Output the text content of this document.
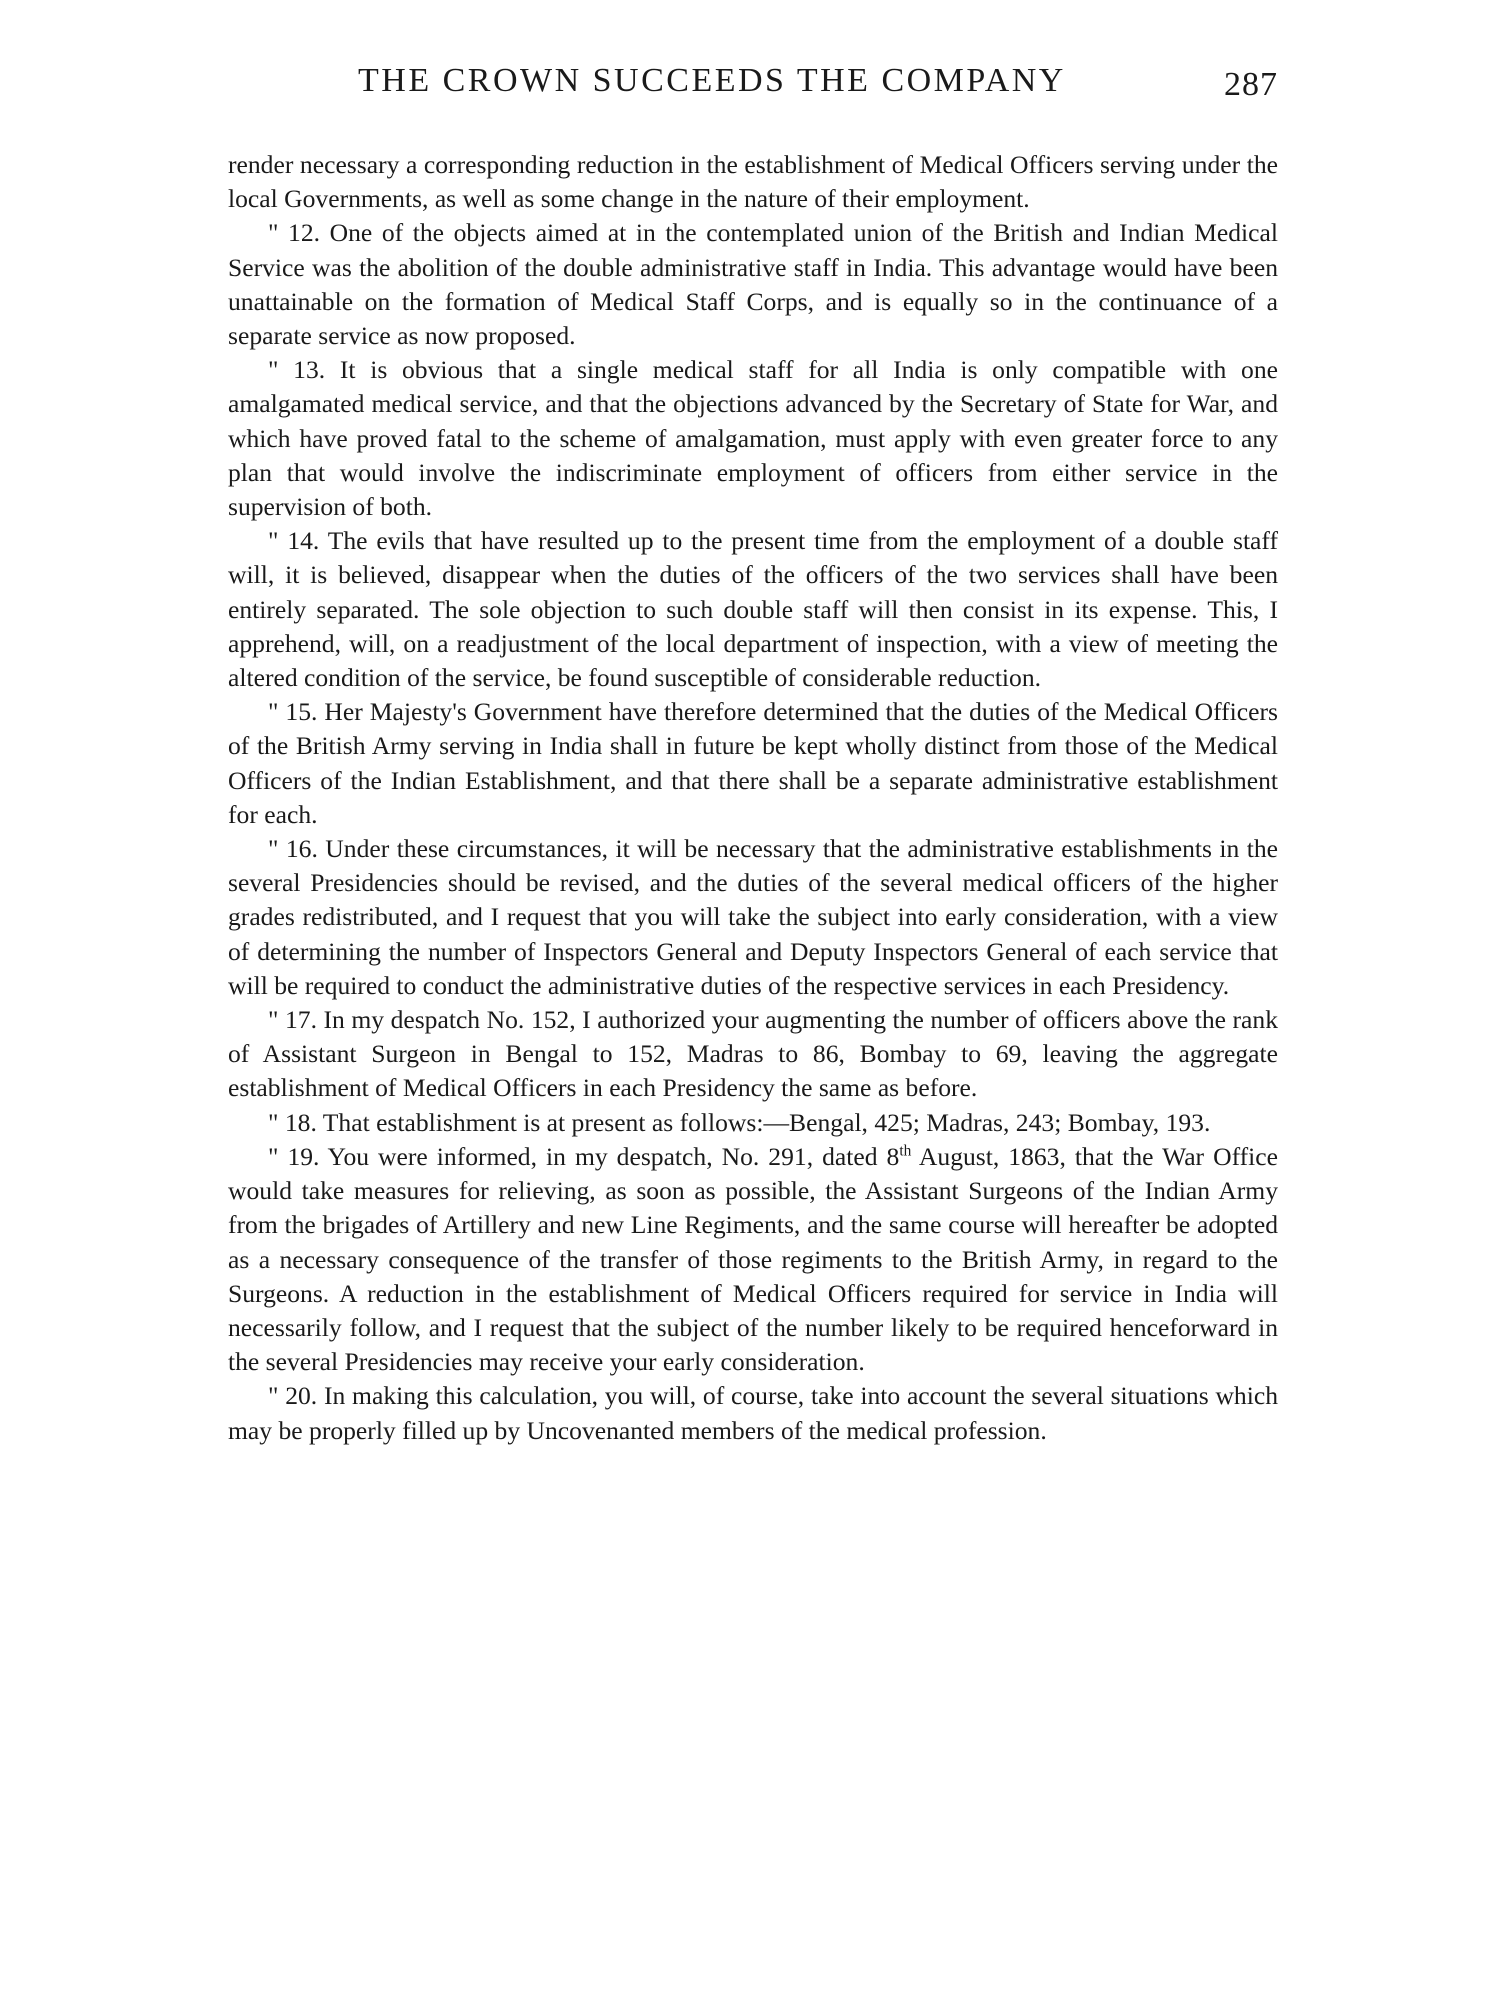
THE CROWN SUCCEEDS THE COMPANY	287

render necessary a corresponding reduction in the establishment of Medical Officers serving under the local Governments, as well as some change in the nature of their employment.

" 12. One of the objects aimed at in the contemplated union of the British and Indian Medical Service was the abolition of the double administrative staff in India. This advantage would have been unattainable on the formation of Medical Staff Corps, and is equally so in the continuance of a separate service as now proposed.

" 13. It is obvious that a single medical staff for all India is only compatible with one amalgamated medical service, and that the objections advanced by the Secretary of State for War, and which have proved fatal to the scheme of amalgamation, must apply with even greater force to any plan that would involve the indiscriminate employment of officers from either service in the supervision of both.

" 14. The evils that have resulted up to the present time from the employment of a double staff will, it is believed, disappear when the duties of the officers of the two services shall have been entirely separated. The sole objection to such double staff will then consist in its expense. This, I apprehend, will, on a readjustment of the local department of inspection, with a view of meeting the altered condition of the service, be found susceptible of considerable reduction.

" 15. Her Majesty's Government have therefore determined that the duties of the Medical Officers of the British Army serving in India shall in future be kept wholly distinct from those of the Medical Officers of the Indian Establishment, and that there shall be a separate administrative establishment for each.

" 16. Under these circumstances, it will be necessary that the administrative establishments in the several Presidencies should be revised, and the duties of the several medical officers of the higher grades redistributed, and I request that you will take the subject into early consideration, with a view of determining the number of Inspectors General and Deputy Inspectors General of each service that will be required to conduct the administrative duties of the respective services in each Presidency.

" 17. In my despatch No. 152, I authorized your augmenting the number of officers above the rank of Assistant Surgeon in Bengal to 152, Madras to 86, Bombay to 69, leaving the aggregate establishment of Medical Officers in each Presidency the same as before.

" 18. That establishment is at present as follows:—Bengal, 425; Madras, 243; Bombay, 193.

" 19. You were informed, in my despatch, No. 291, dated 8th August, 1863, that the War Office would take measures for relieving, as soon as possible, the Assistant Surgeons of the Indian Army from the brigades of Artillery and new Line Regiments, and the same course will hereafter be adopted as a necessary consequence of the transfer of those regiments to the British Army, in regard to the Surgeons. A reduction in the establishment of Medical Officers required for service in India will necessarily follow, and I request that the subject of the number likely to be required henceforward in the several Presidencies may receive your early consideration.

" 20. In making this calculation, you will, of course, take into account the several situations which may be properly filled up by Uncovenanted members of the medical profession.
